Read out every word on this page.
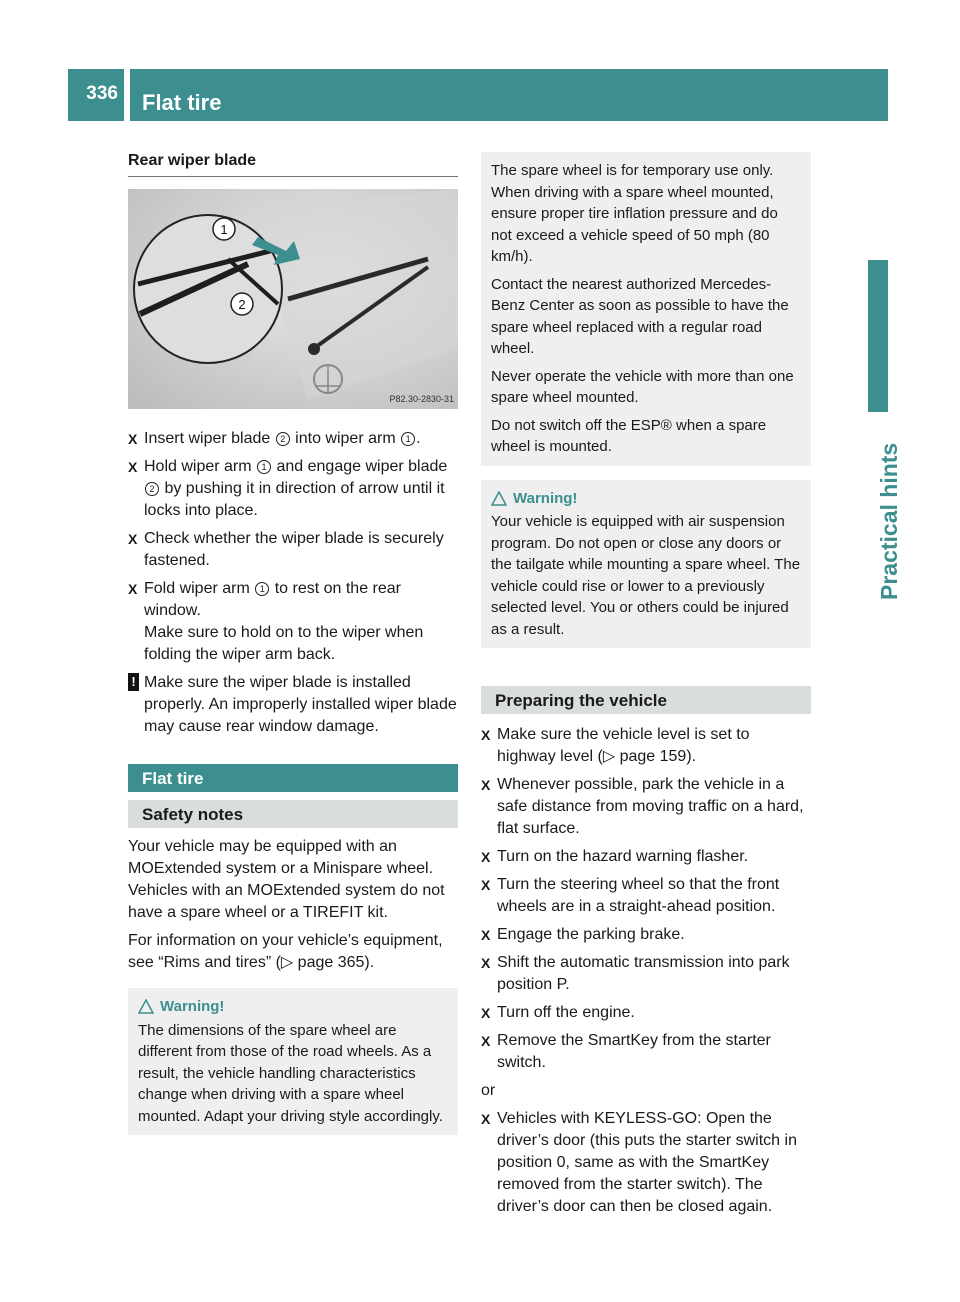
336	Flat tire
Practical hints
Rear wiper blade
1
2
P82.30-2830-31
X Insert wiper blade 2 into wiper arm 1 .
X Hold wiper arm 1 and engage wiper blade 2 by pushing it in direction of arrow until it locks into place.
X Check whether the wiper blade is securely fastened.
X Fold wiper arm 1 to rest on the rear window.
Make sure to hold on to the wiper when folding the wiper arm back.
! Make sure the wiper blade is installed properly. An improperly installed wiper blade may cause rear window damage.
Flat tire
Safety notes

Your vehicle may be equipped with an MOExtended system or a Minispare wheel. Vehicles with an MOExtended system do not have a spare wheel or a TIREFIT kit.

For information on your vehicle’s equipment, see “Rims and tires” (▷ page 365).

Warning!
The dimensions of the spare wheel are different from those of the road wheels. As a result, the vehicle handling characteristics change when driving with a spare wheel mounted. Adapt your driving style accordingly.

The spare wheel is for temporary use only. When driving with a spare wheel mounted, ensure proper tire inflation pressure and do not exceed a vehicle speed of 50 mph (80 km/h).

Contact the nearest authorized Mercedes-Benz Center as soon as possible to have the spare wheel replaced with a regular road wheel.

Never operate the vehicle with more than one spare wheel mounted.

Do not switch off the ESP® when a spare wheel is mounted.

Warning!
Your vehicle is equipped with air suspension program. Do not open or close any doors or the tailgate while mounting a spare wheel. The vehicle could rise or lower to a previously selected level. You or others could be injured as a result.
Preparing the vehicle
X Make sure the vehicle level is set to highway level (▷ page 159).
X Whenever possible, park the vehicle in a safe distance from moving traffic on a hard, flat surface.
X Turn on the hazard warning flasher.
X Turn the steering wheel so that the front wheels are in a straight-ahead position.
X Engage the parking brake.
X Shift the automatic transmission into park position P.
X Turn off the engine.
X Remove the SmartKey from the starter switch.
or
X Vehicles with KEYLESS-GO: Open the driver’s door (this puts the starter switch in position 0, same as with the SmartKey removed from the starter switch). The driver’s door can then be closed again.
